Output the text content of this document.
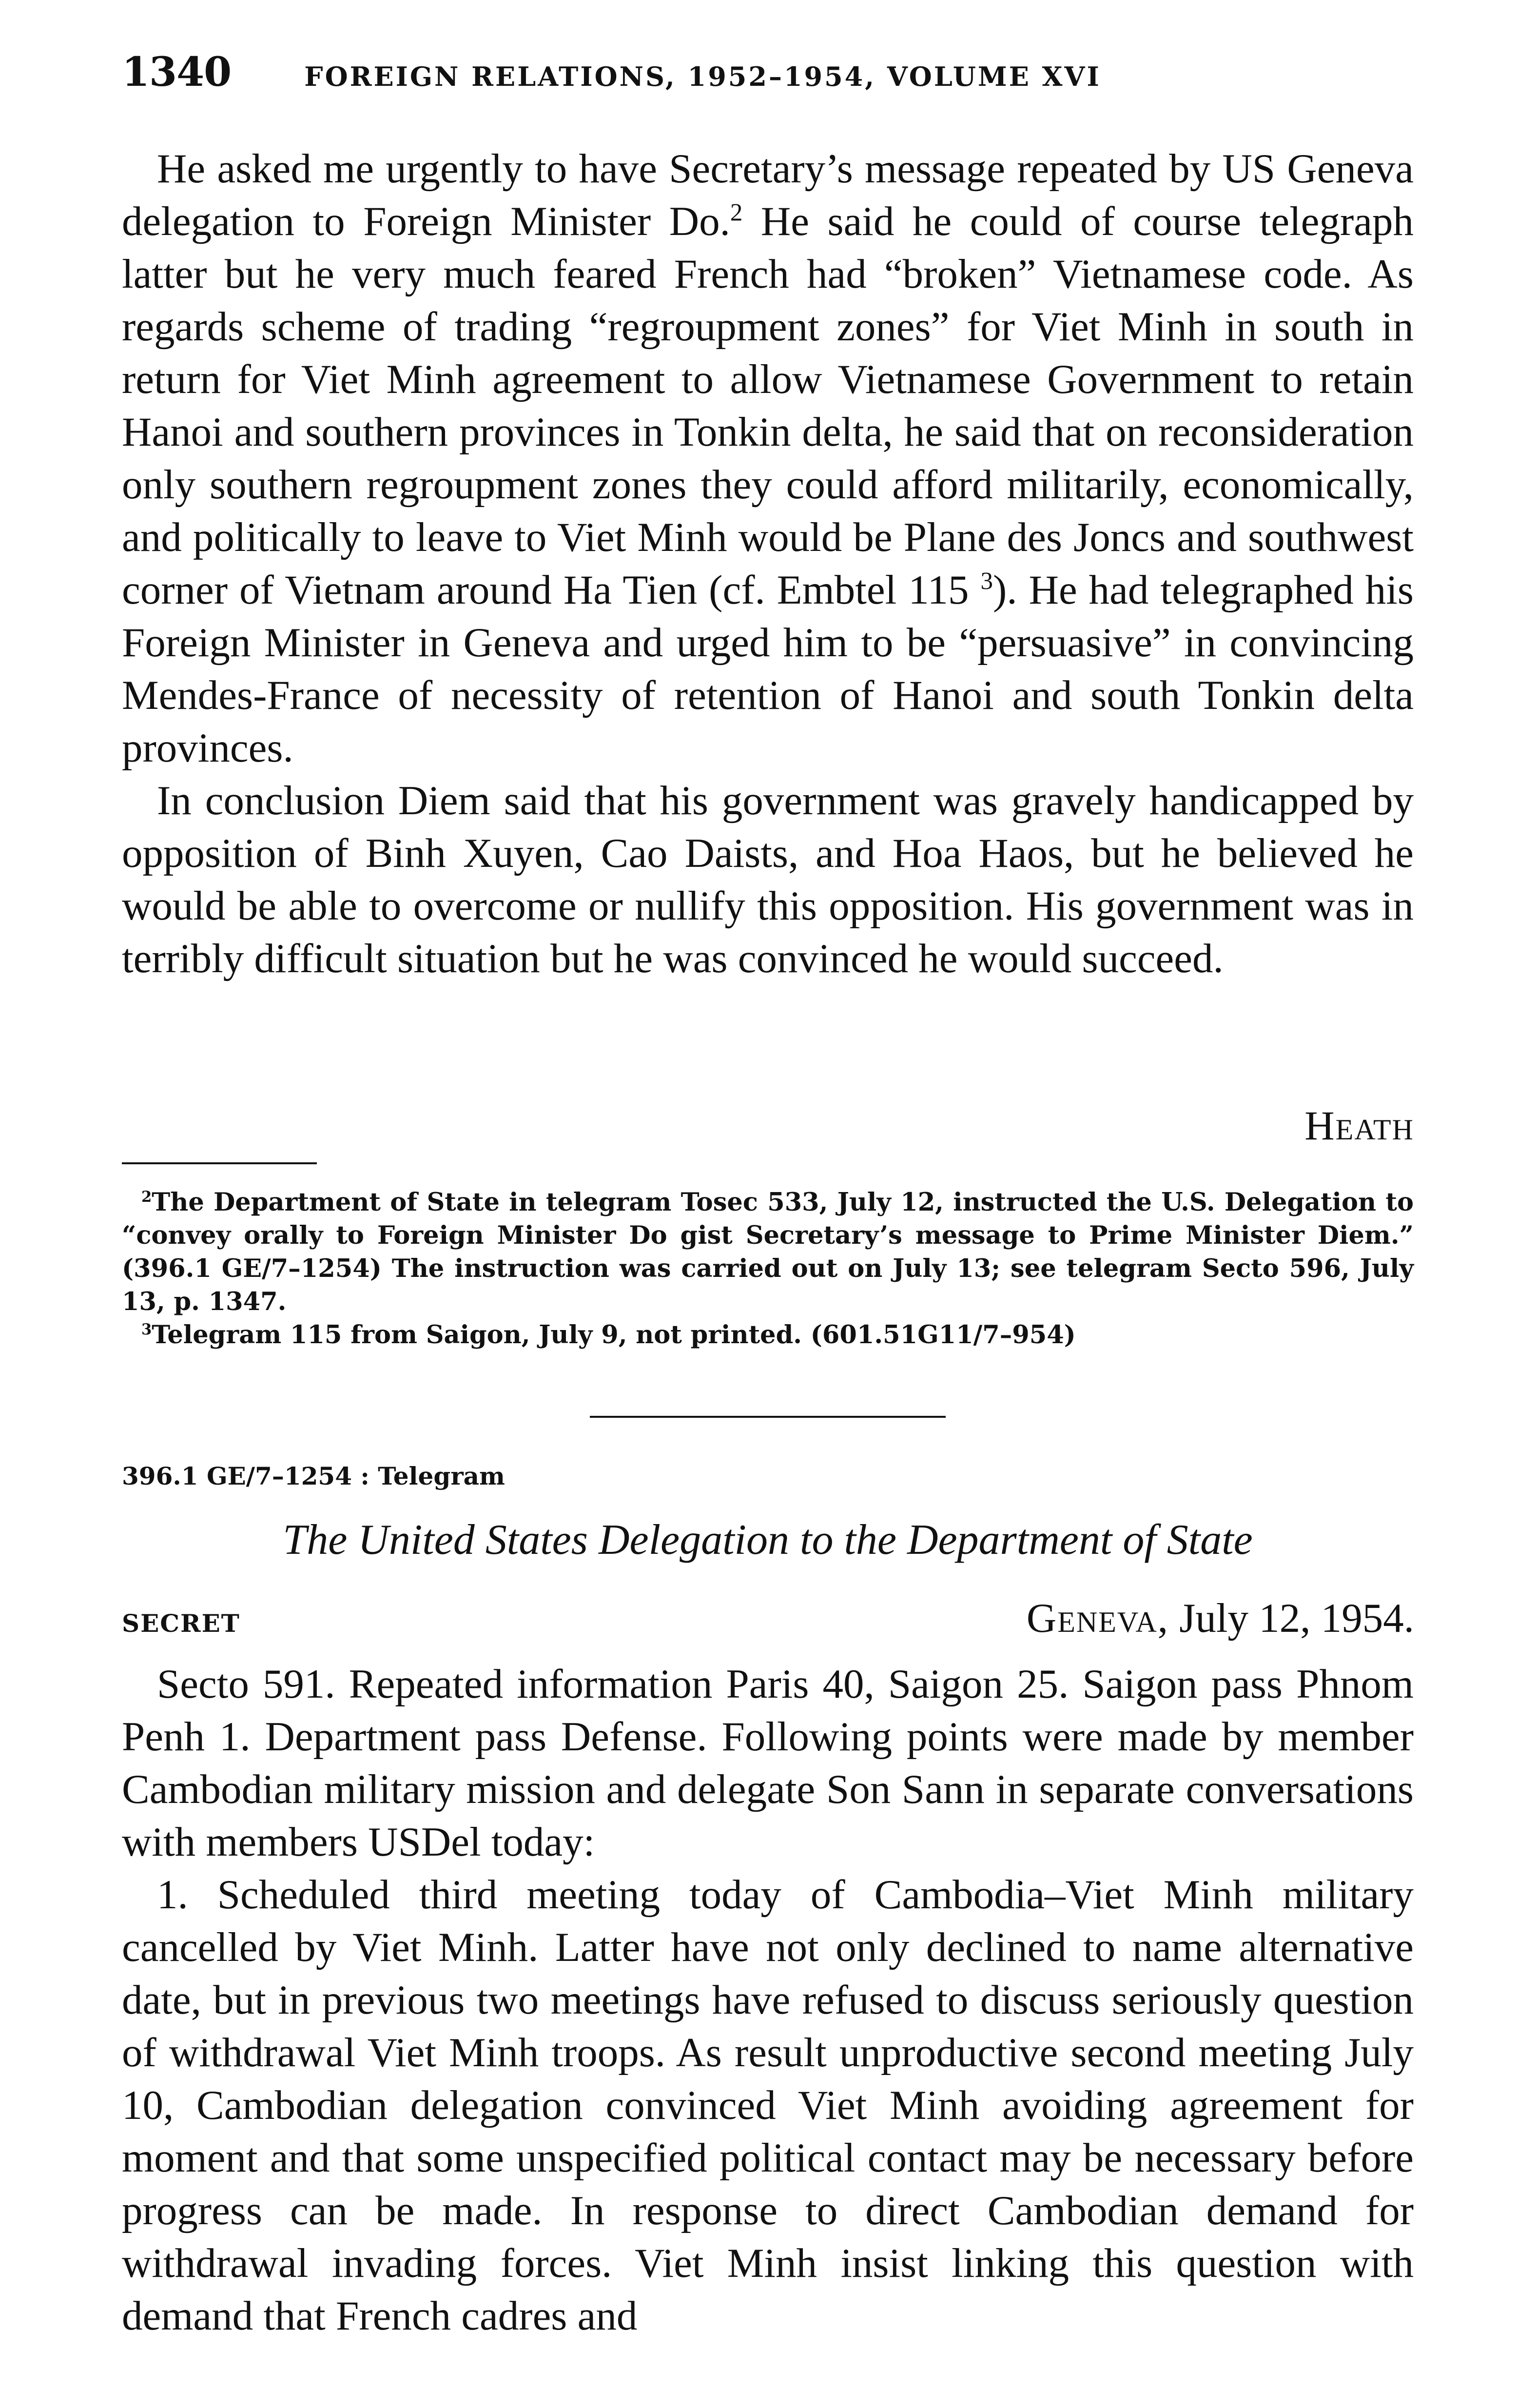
1340	FOREIGN RELATIONS, 1952–1954, VOLUME XVI

He asked me urgently to have Secretary’s message repeated by US Geneva delegation to Foreign Minister Do.$^2$ He said he could of course telegraph latter but he very much feared French had “broken” Vietnamese code. As regards scheme of trading “regroupment zones” for Viet Minh in south in return for Viet Minh agreement to allow Vietnamese Government to retain Hanoi and southern provinces in Tonkin delta, he said that on reconsideration only southern regroupment zones they could afford militarily, economically, and politically to leave to Viet Minh would be Plane des Joncs and southwest corner of Vietnam around Ha Tien (cf. Embtel 115 $^3$). He had telegraphed his Foreign Minister in Geneva and urged him to be “persuasive” in convincing Mendes-France of necessity of retention of Hanoi and south Tonkin delta provinces.

In conclusion Diem said that his government was gravely handicapped by opposition of Binh Xuyen, Cao Daists, and Hoa Haos, but he believed he would be able to overcome or nullify this opposition. His government was in terribly difficult situation but he was convinced he would succeed.

Heath

$^2$The Department of State in telegram Tosec 533, July 12, instructed the U.S. Delegation to “convey orally to Foreign Minister Do gist Secretary’s message to Prime Minister Diem.” (396.1 GE/7–1254) The instruction was carried out on July 13; see telegram Secto 596, July 13, p. 1347.

$^3$Telegram 115 from Saigon, July 9, not printed. (601.51G11/7–954)

396.1 GE/7–1254 : Telegram
The United States Delegation to the Department of State
SECRET	Geneva, July 12, 1954.

Secto 591. Repeated information Paris 40, Saigon 25. Saigon pass Phnom Penh 1. Department pass Defense. Following points were made by member Cambodian military mission and delegate Son Sann in separate conversations with members USDel today:

1. Scheduled third meeting today of Cambodia–Viet Minh military cancelled by Viet Minh. Latter have not only declined to name alternative date, but in previous two meetings have refused to discuss seriously question of withdrawal Viet Minh troops. As result unproductive second meeting July 10, Cambodian delegation convinced Viet Minh avoiding agreement for moment and that some unspecified political contact may be necessary before progress can be made. In response to direct Cambodian demand for withdrawal invading forces. Viet Minh insist linking this question with demand that French cadres and
